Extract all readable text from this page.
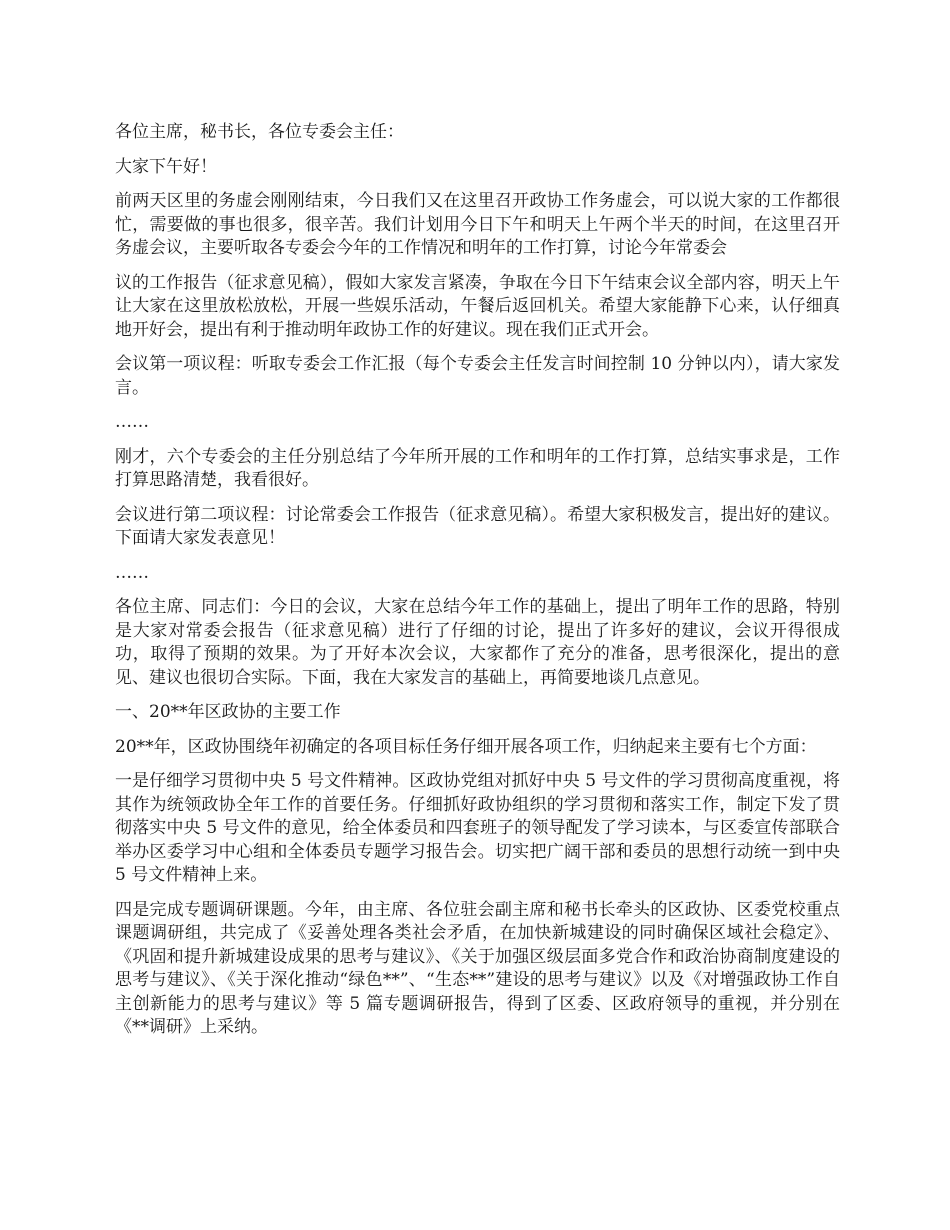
各位主席，秘书长，各位专委会主任：

大家下午好！

前两天区里的务虚会刚刚结束，今日我们又在这里召开政协工作务虚会，可以说大家的工作都很忙，需要做的事也很多，很辛苦。我们计划用今日下午和明天上午两个半天的时间，在这里召开务虚会议，主要听取各专委会今年的工作情况和明年的工作打算，讨论今年常委会

议的工作报告（征求意见稿），假如大家发言紧凑，争取在今日下午结束会议全部内容，明天上午让大家在这里放松放松，开展一些娱乐活动，午餐后返回机关。希望大家能静下心来，认仔细真地开好会，提出有利于推动明年政协工作的好建议。现在我们正式开会。

会议第一项议程：听取专委会工作汇报（每个专委会主任发言时间控制 10 分钟以内），请大家发言。

……

刚才，六个专委会的主任分别总结了今年所开展的工作和明年的工作打算，总结实事求是，工作打算思路清楚，我看很好。

会议进行第二项议程：讨论常委会工作报告（征求意见稿）。希望大家积极发言，提出好的建议。下面请大家发表意见！

……

各位主席、同志们：今日的会议，大家在总结今年工作的基础上，提出了明年工作的思路，特别是大家对常委会报告（征求意见稿）进行了仔细的讨论，提出了许多好的建议，会议开得很成功，取得了预期的效果。为了开好本次会议，大家都作了充分的准备，思考很深化，提出的意见、建议也很切合实际。下面，我在大家发言的基础上，再简要地谈几点意见。

一、20**年区政协的主要工作

20**年，区政协围绕年初确定的各项目标任务仔细开展各项工作，归纳起来主要有七个方面：

一是仔细学习贯彻中央 5 号文件精神。区政协党组对抓好中央 5 号文件的学习贯彻高度重视，将其作为统领政协全年工作的首要任务。仔细抓好政协组织的学习贯彻和落实工作，制定下发了贯彻落实中央 5 号文件的意见，给全体委员和四套班子的领导配发了学习读本，与区委宣传部联合举办区委学习中心组和全体委员专题学习报告会。切实把广阔干部和委员的思想行动统一到中央 5 号文件精神上来。

四是完成专题调研课题。今年，由主席、各位驻会副主席和秘书长牵头的区政协、区委党校重点课题调研组，共完成了《妥善处理各类社会矛盾，在加快新城建设的同时确保区域社会稳定》、《巩固和提升新城建设成果的思考与建议》、《关于加强区级层面多党合作和政治协商制度建设的思考与建议》、《关于深化推动“绿色**”、“生态**”建设的思考与建议》以及《对增强政协工作自主创新能力的思考与建议》等 5 篇专题调研报告，得到了区委、区政府领导的重视，并分别在《**调研》上采纳。
